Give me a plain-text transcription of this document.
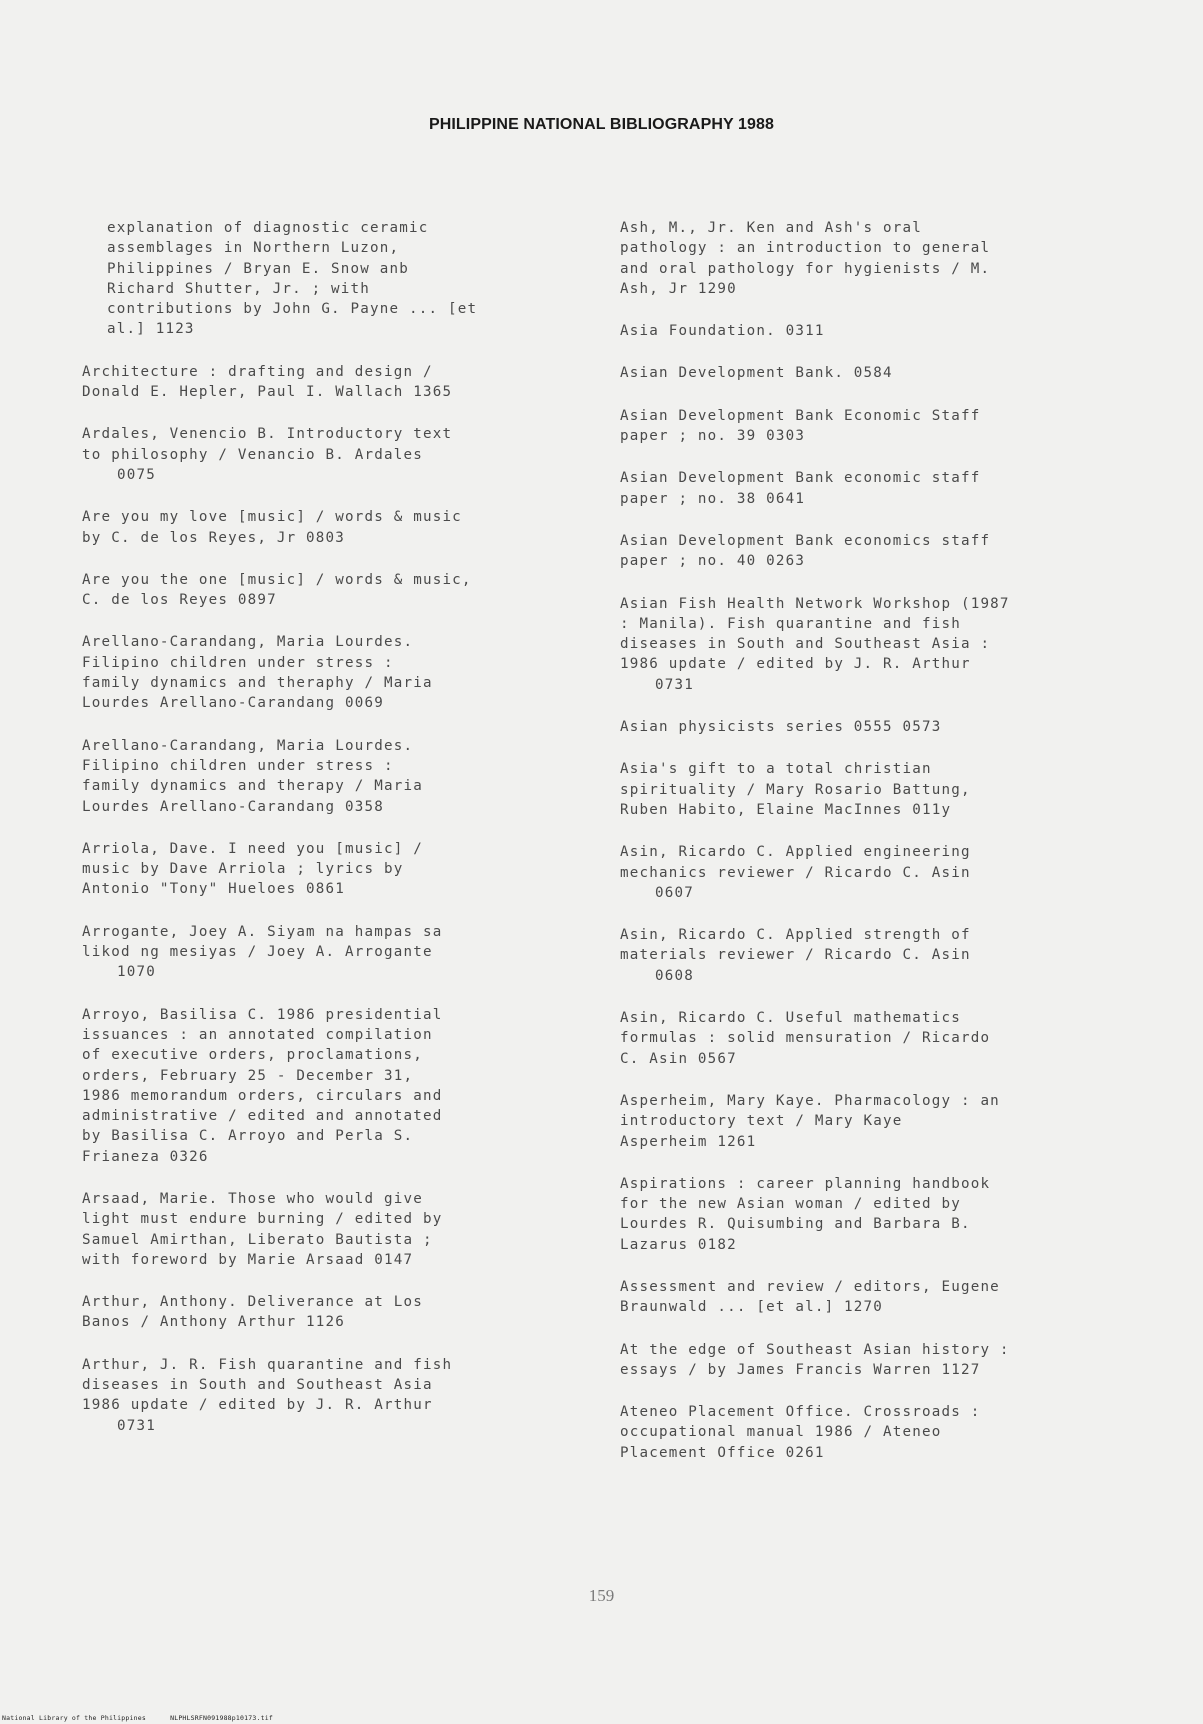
PHILIPPINE NATIONAL BIBLIOGRAPHY 1988
explanation of diagnostic ceramic
assemblages in Northern Luzon,
Philippines / Bryan E. Snow anb
Richard Shutter, Jr. ; with
contributions by John G. Payne ... [et
al.] 1123
Architecture : drafting and design /
Donald E. Hepler, Paul I. Wallach 1365
Ardales, Venencio B. Introductory text
to philosophy / Venancio B. Ardales
0075
Are you my love [music] / words & music
by C. de los Reyes, Jr 0803
Are you the one [music] / words & music,
C. de los Reyes 0897
Arellano-Carandang, Maria Lourdes.
Filipino children under stress :
family dynamics and theraphy / Maria
Lourdes Arellano-Carandang 0069
Arellano-Carandang, Maria Lourdes.
Filipino children under stress :
family dynamics and therapy / Maria
Lourdes Arellano-Carandang 0358
Arriola, Dave. I need you [music] /
music by Dave Arriola ; lyrics by
Antonio "Tony" Hueloes 0861
Arrogante, Joey A. Siyam na hampas sa
likod ng mesiyas / Joey A. Arrogante
1070
Arroyo, Basilisa C. 1986 presidential
issuances : an annotated compilation
of executive orders, proclamations,
orders, February 25 - December 31,
1986 memorandum orders, circulars and
administrative / edited and annotated
by Basilisa C. Arroyo and Perla S.
Frianeza 0326
Arsaad, Marie. Those who would give
light must endure burning / edited by
Samuel Amirthan, Liberato Bautista ;
with foreword by Marie Arsaad 0147
Arthur, Anthony. Deliverance at Los
Banos / Anthony Arthur 1126
Arthur, J. R. Fish quarantine and fish
diseases in South and Southeast Asia
1986 update / edited by J. R. Arthur
0731
Ash, M., Jr. Ken and Ash's oral
pathology : an introduction to general
and oral pathology for hygienists / M.
Ash, Jr 1290
Asia Foundation. 0311
Asian Development Bank. 0584
Asian Development Bank Economic Staff
paper ; no. 39 0303
Asian Development Bank economic staff
paper ; no. 38 0641
Asian Development Bank economics staff
paper ; no. 40 0263
Asian Fish Health Network Workshop (1987
: Manila). Fish quarantine and fish
diseases in South and Southeast Asia :
1986 update / edited by J. R. Arthur
0731
Asian physicists series 0555 0573
Asia's gift to a total christian
spirituality / Mary Rosario Battung,
Ruben Habito, Elaine MacInnes 011y
Asin, Ricardo C. Applied engineering
mechanics reviewer / Ricardo C. Asin
0607
Asin, Ricardo C. Applied strength of
materials reviewer / Ricardo C. Asin
0608
Asin, Ricardo C. Useful mathematics
formulas : solid mensuration / Ricardo
C. Asin 0567
Asperheim, Mary Kaye. Pharmacology : an
introductory text / Mary Kaye
Asperheim 1261
Aspirations : career planning handbook
for the new Asian woman / edited by
Lourdes R. Quisumbing and Barbara B.
Lazarus 0182
Assessment and review / editors, Eugene
Braunwald ... [et al.] 1270
At the edge of Southeast Asian history :
essays / by James Francis Warren 1127
Ateneo Placement Office. Crossroads :
occupational manual 1986 / Ateneo
Placement Office 0261
159
National Library of the Philippines	NLPHLSRFN091988p10173.tif
